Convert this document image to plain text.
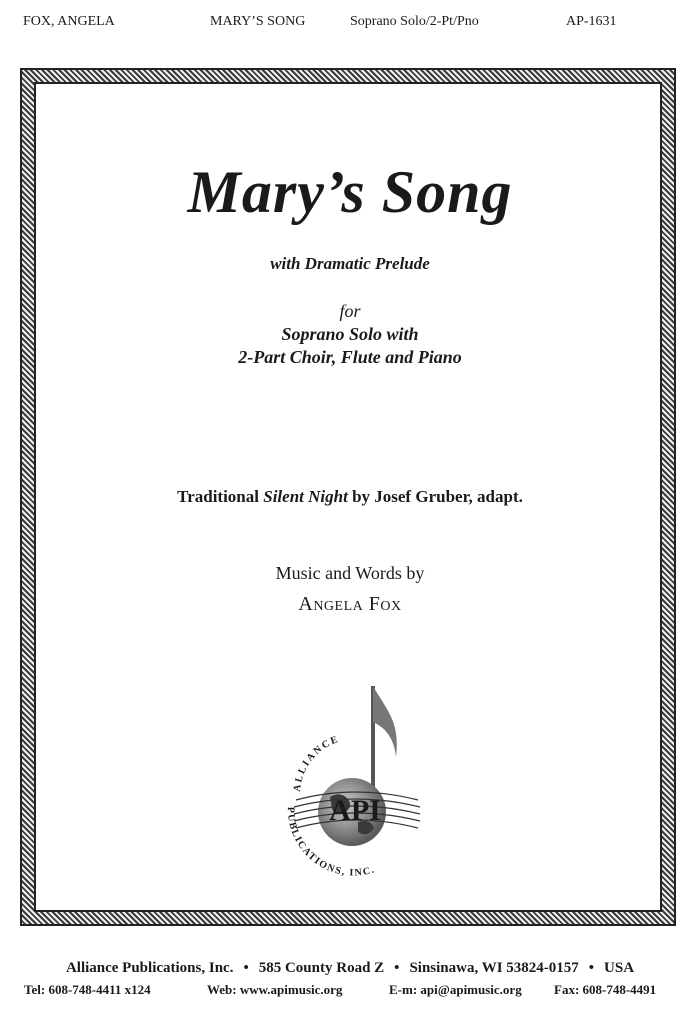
FOX, ANGELA	MARY’S SONG	Soprano Solo/2-Pt/Pno	AP-1631
Mary’s Song
with Dramatic Prelude
for
Soprano Solo with
2-Part Choir, Flute and Piano
Traditional Silent Night by Josef Gruber, adapt.
Music and Words by
Angela Fox
API
ALLIANCE
PUBLICATIONS, INC.
Alliance Publications, Inc. • 585 County Road Z • Sinsinawa, WI 53824-0157 • USA
Tel: 608-748-4411 x124	Web: www.apimusic.org	E-m: api@apimusic.org Fax: 608-748-4491
